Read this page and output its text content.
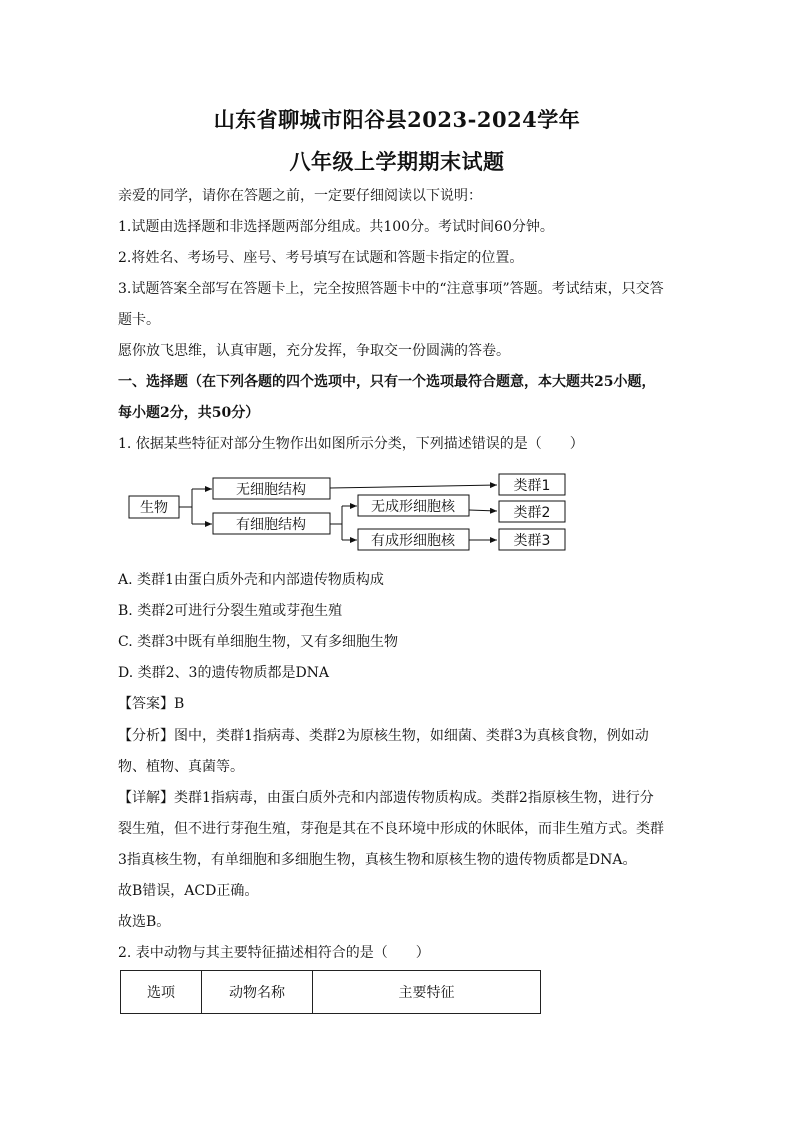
山东省聊城市阳谷县2023-2024学年
八年级上学期期末试题
亲爱的同学，请你在答题之前，一定要仔细阅读以下说明：
1.试题由选择题和非选择题两部分组成。共100分。考试时间60分钟。
2.将姓名、考场号、座号、考号填写在试题和答题卡指定的位置。
3.试题答案全部写在答题卡上，完全按照答题卡中的“注意事项”答题。考试结束，只交答
题卡。
愿你放飞思维，认真审题，充分发挥，争取交一份圆满的答卷。
一、选择题（在下列各题的四个选项中，只有一个选项最符合题意，本大题共25小题，
每小题2分，共50分）
1. 依据某些特征对部分生物作出如图所示分类，下列描述错误的是（　　）
生物
无细胞结构
有细胞结构
无成形细胞核
有成形细胞核
类群1
类群2
类群3
A. 类群1由蛋白质外壳和内部遗传物质构成
B. 类群2可进行分裂生殖或芽孢生殖
C. 类群3中既有单细胞生物，又有多细胞生物
D. 类群2、3的遗传物质都是DNA
【答案】B
【分析】图中，类群1指病毒、类群2为原核生物，如细菌、类群3为真核食物，例如动
物、植物、真菌等。
【详解】类群1指病毒，由蛋白质外壳和内部遗传物质构成。类群2指原核生物，进行分
裂生殖，但不进行芽孢生殖，芽孢是其在不良环境中形成的休眠体，而非生殖方式。类群
3指真核生物，有单细胞和多细胞生物，真核生物和原核生物的遗传物质都是DNA。
故B错误，ACD正确。
故选B。
2. 表中动物与其主要特征描述相符合的是（　　）
选项	动物名称	主要特征
